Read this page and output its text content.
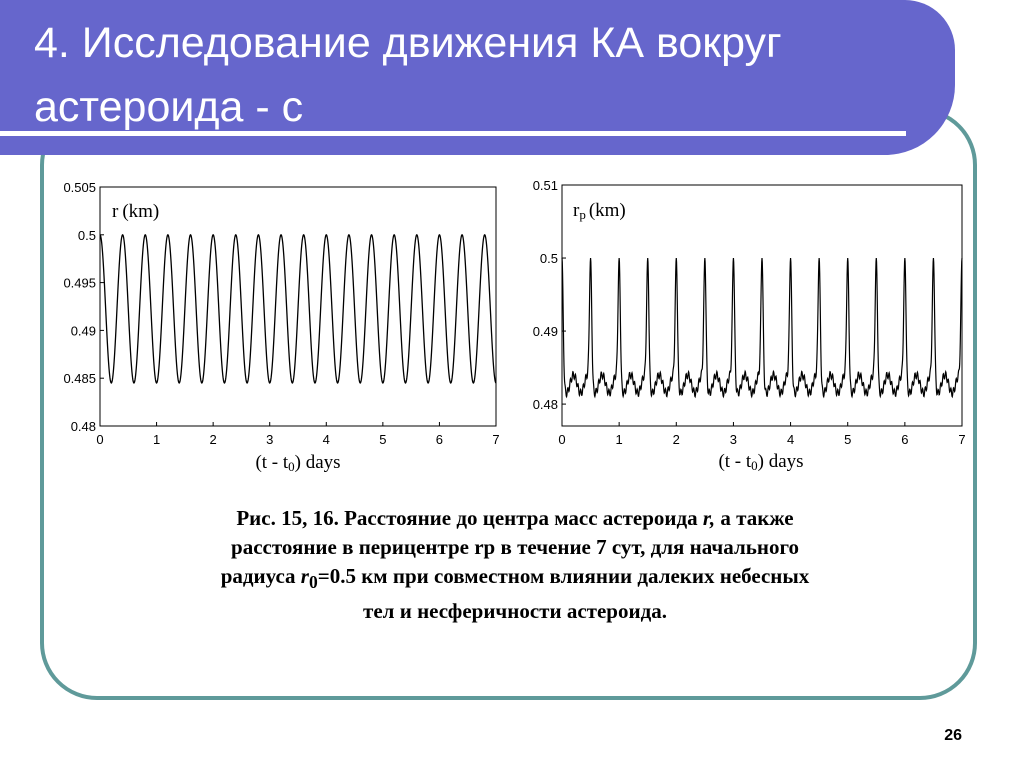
4. Исследование движения КА вокруг
астероида - с
0	1	2	3	4	5	6	7
0.505
0.5
0.495
0.49
0.485
0.48
r (km)
(t - t0) days
0	1	2	3	4	5	6	7
0.51
0.5
0.49
0.48
rp (km)
(t - t0) days
Рис. 15, 16. Расстояние до центра масс астероида r, а также
расстояние в перицентре rp в течение 7 сут, для начального
радиуса $r_0=0.5$ км при совместном влиянии далеких небесных
тел и несферичности астероида.
26
